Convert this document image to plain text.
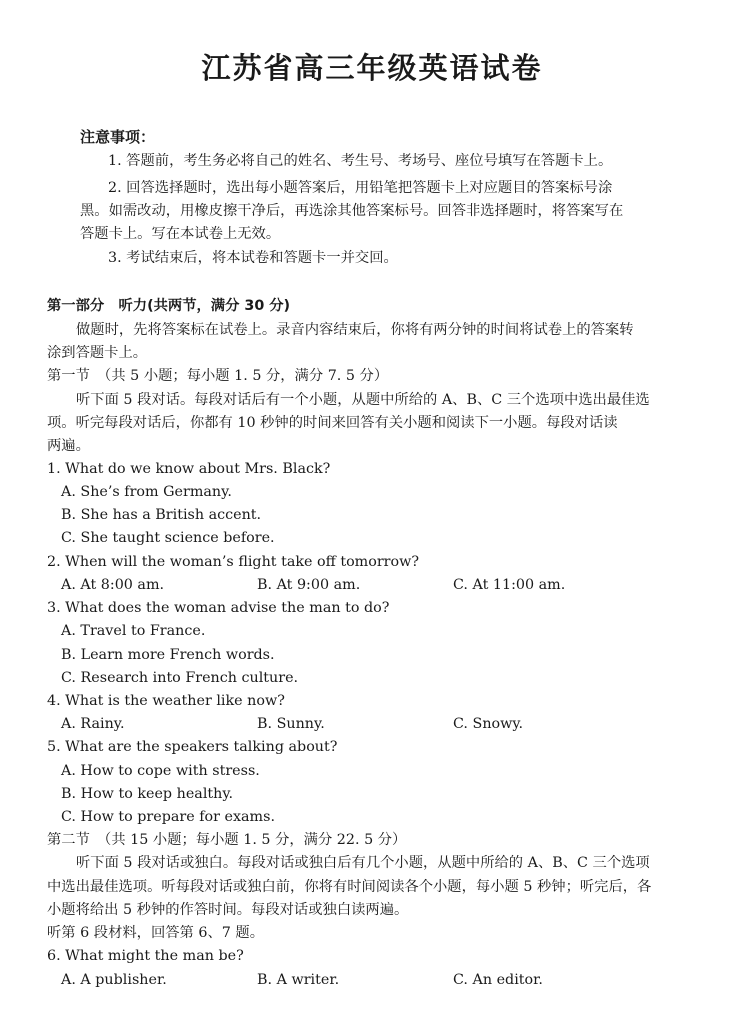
江苏省高三年级英语试卷
注意事项：
1. 答题前，考生务必将自己的姓名、考生号、考场号、座位号填写在答题卡上。
2. 回答选择题时，选出每小题答案后，用铅笔把答题卡上对应题目的答案标号涂
黑。如需改动，用橡皮擦干净后，再选涂其他答案标号。回答非选择题时，将答案写在
答题卡上。写在本试卷上无效。
3. 考试结束后，将本试卷和答题卡一并交回。
第一部分　听力(共两节，满分 30 分)
做题时，先将答案标在试卷上。录音内容结束后，你将有两分钟的时间将试卷上的答案转
涂到答题卡上。
第一节　（共 5 小题；每小题 1. 5 分，满分 7. 5 分）
听下面 5 段对话。每段对话后有一个小题，从题中所给的 A、B、C 三个选项中选出最佳选
项。听完每段对话后，你都有 10 秒钟的时间来回答有关小题和阅读下一小题。每段对话读
两遍。
1. What do we know about Mrs. Black?
A. She’s from Germany.
B. She has a British accent.
C. She taught science before.
2. When will the woman’s flight take off tomorrow?
A. At 8:00 am.	B. At 9:00 am.	C. At 11:00 am.
3. What does the woman advise the man to do?
A. Travel to France.
B. Learn more French words.
C. Research into French culture.
4. What is the weather like now?
A. Rainy.	B. Sunny.	C. Snowy.
5. What are the speakers talking about?
A. How to cope with stress.
B. How to keep healthy.
C. How to prepare for exams.
第二节　（共 15 小题；每小题 1. 5 分，满分 22. 5 分）
听下面 5 段对话或独白。每段对话或独白后有几个小题，从题中所给的 A、B、C 三个选项
中选出最佳选项。听每段对话或独白前，你将有时间阅读各个小题，每小题 5 秒钟；听完后，各
小题将给出 5 秒钟的作答时间。每段对话或独白读两遍。
听第 6 段材料，回答第 6、7 题。
6. What might the man be?
A. A publisher.	B. A writer.	C. An editor.
